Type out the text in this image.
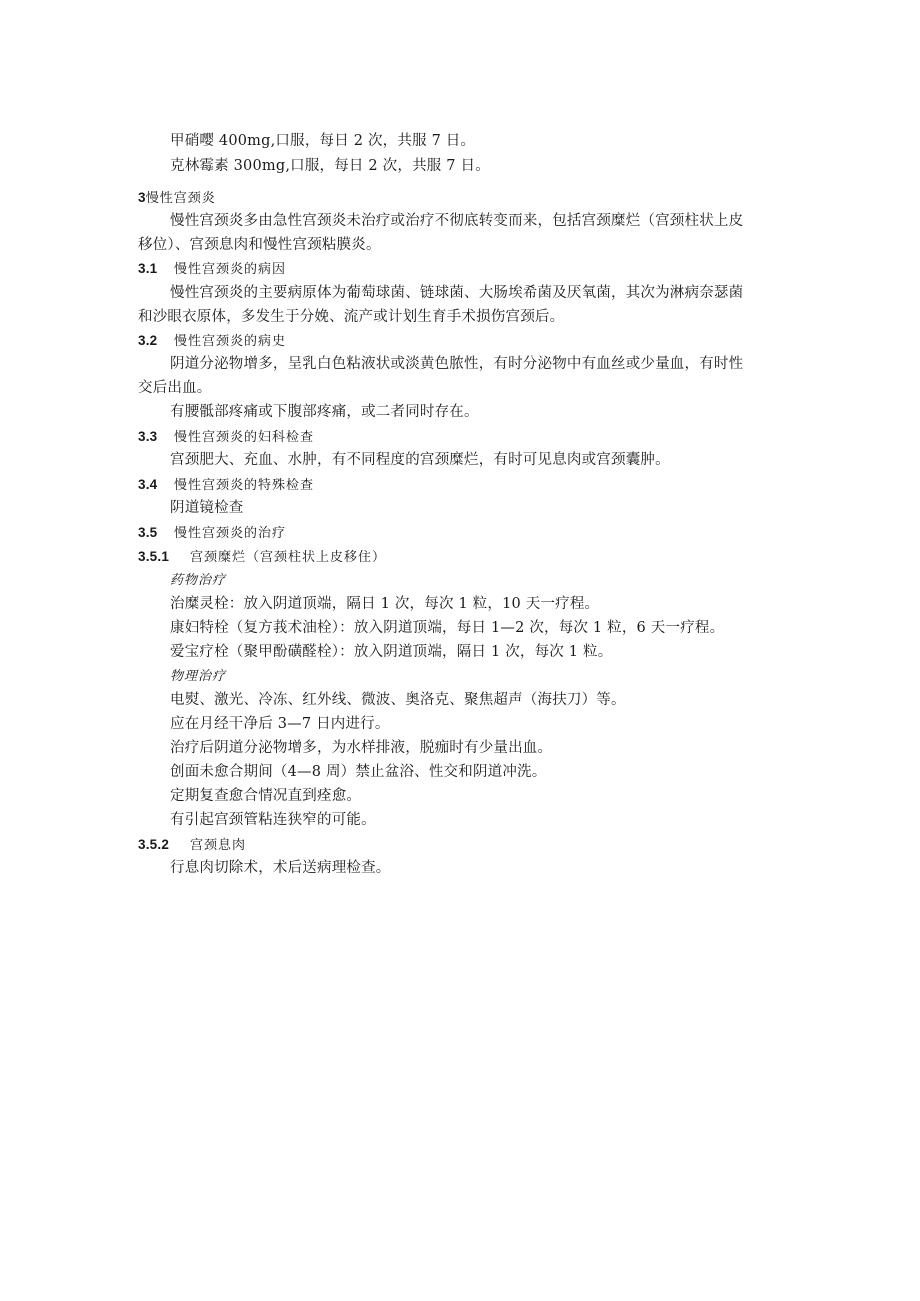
甲硝嘤 400mg,口服，每日 2 次，共服 7 日。
克林霉素 300mg,口服，每日 2 次，共服 7 日。
3慢性宫颈炎
慢性宫颈炎多由急性宫颈炎未治疗或治疗不彻底转变而来，包括宫颈糜烂（宫颈柱状上皮
移位）、宫颈息肉和慢性宫颈粘膜炎。
3.1 慢性宫颈炎的病因
慢性宫颈炎的主要病原体为葡萄球菌、链球菌、大肠埃希菌及厌氧菌，其次为淋病奈瑟菌
和沙眼衣原体，多发生于分娩、流产或计划生育手术损伤宫颈后。
3.2 慢性宫颈炎的病史
阴道分泌物增多，呈乳白色粘液状或淡黄色脓性，有时分泌物中有血丝或少量血，有时性
交后出血。
有腰骶部疼痛或下腹部疼痛，或二者同时存在。
3.3 慢性宫颈炎的妇科检查
宫颈肥大、充血、水肿，有不同程度的宫颈糜烂，有时可见息肉或宫颈囊肿。
3.4 慢性宫颈炎的特殊检查
阴道镜检查
3.5 慢性宫颈炎的治疗
3.5.1 宫颈糜烂（宫颈柱状上皮移住）
药物治疗
治糜灵栓：放入阴道顶端，隔日 1 次，每次 1 粒，10 天一疗程。
康妇特栓（复方莪术油栓）：放入阴道顶端，每日 1—2 次，每次 1 粒，6 天一疗程。
爱宝疗栓（聚甲酚磺醛栓）：放入阴道顶端，隔日 1 次，每次 1 粒。
物理治疗
电熨、激光、冷冻、红外线、微波、奥洛克、聚焦超声（海扶刀）等。
应在月经干净后 3—7 日内进行。
治疗后阴道分泌物增多，为水样排液，脱痂时有少量出血。
创面未愈合期间（4—8 周）禁止盆浴、性交和阴道冲洗。
定期复查愈合情况直到痊愈。
有引起宫颈管粘连狭窄的可能。
3.5.2 宫颈息肉
行息肉切除术，术后送病理检查。
